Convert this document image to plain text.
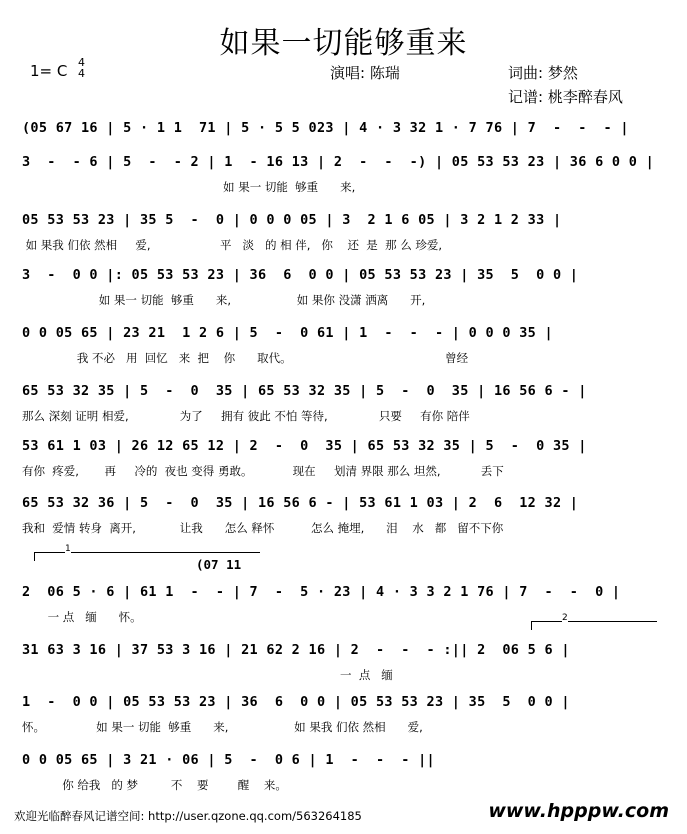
如果一切能够重来
1= C 4
4	演唱: 陈瑞	词曲: 梦然
记谱: 桃李醉春风
(05 67 16 | 5 · 1 1  71 | 5 · 5 5 023 | 4 · 3 32 1 · 7 76 | 7  -  -  - |
3  -  - 6 | 5  -  - 2 | 1  - 16 13 | 2  -  -  -) | 05 53 53 23 | 36 6 0 0 |
如 果一 切能  够重      来,
05 53 53 23 | 35 5  -  0 | 0 0 0 05 | 3  2 1 6 05 | 3 2 1 2 33 |
如 果我 们依 然相     爱,                   平   淡   的 相 伴,   你    还  是  那 么 珍爱,
3  -  0 0 |: 05 53 53 23 | 36  6  0 0 | 05 53 53 23 | 35  5  0 0 |
如 果一 切能  够重      来,                  如 果你 没潇 洒离      开,
0 0 05 65 | 23 21  1 2 6 | 5  -  0 61 | 1  -  -  - | 0 0 0 35 |
我 不必   用  回忆   来  把    你      取代。                                          曾经
65 53 32 35 | 5  -  0  35 | 65 53 32 35 | 5  -  0  35 | 16 56 6 - |
那么 深刻 证明 相爱,              为了     拥有 彼此 不怕 等待,              只要     有你 陪伴
53 61 1 03 | 26 12 65 12 | 2  -  0  35 | 65 53 32 35 | 5  -  0 35 |
有你  疼爱,       再     冷的  夜也 变得 勇敢。           现在     划清 界限 那么 坦然,           丢下
65 53 32 36 | 5  -  0  35 | 16 56 6 - | 53 61 1 03 | 2  6  12 32 |
我和  爱情 转身  离开,            让我      怎么 释怀          怎么 掩埋,      泪    水   都   留不下你
1
(07 11
2  06 5 · 6 | 61 1  -  - | 7  -  5 · 23 | 4 · 3 3 2 1 76 | 7  -  -  0 |
一 点   缅      怀。	2
31 63 3 16 | 37 53 3 16 | 21 62 2 16 | 2  -  -  - :|| 2  06 5 6 |
一  点   缅
1  -  0 0 | 05 53 53 23 | 36  6  0 0 | 05 53 53 23 | 35  5  0 0 |
怀。              如 果一 切能  够重      来,                  如 果我 们依 然相      爱,
0 0 05 65 | 3 21 · 06 | 5  -  0 6 | 1  -  -  - ||
你 给我   的 梦         不    要        醒    来。
欢迎光临醉春风记谱空间: http://user.qzone.qq.com/563264185	www.hpppw.com
